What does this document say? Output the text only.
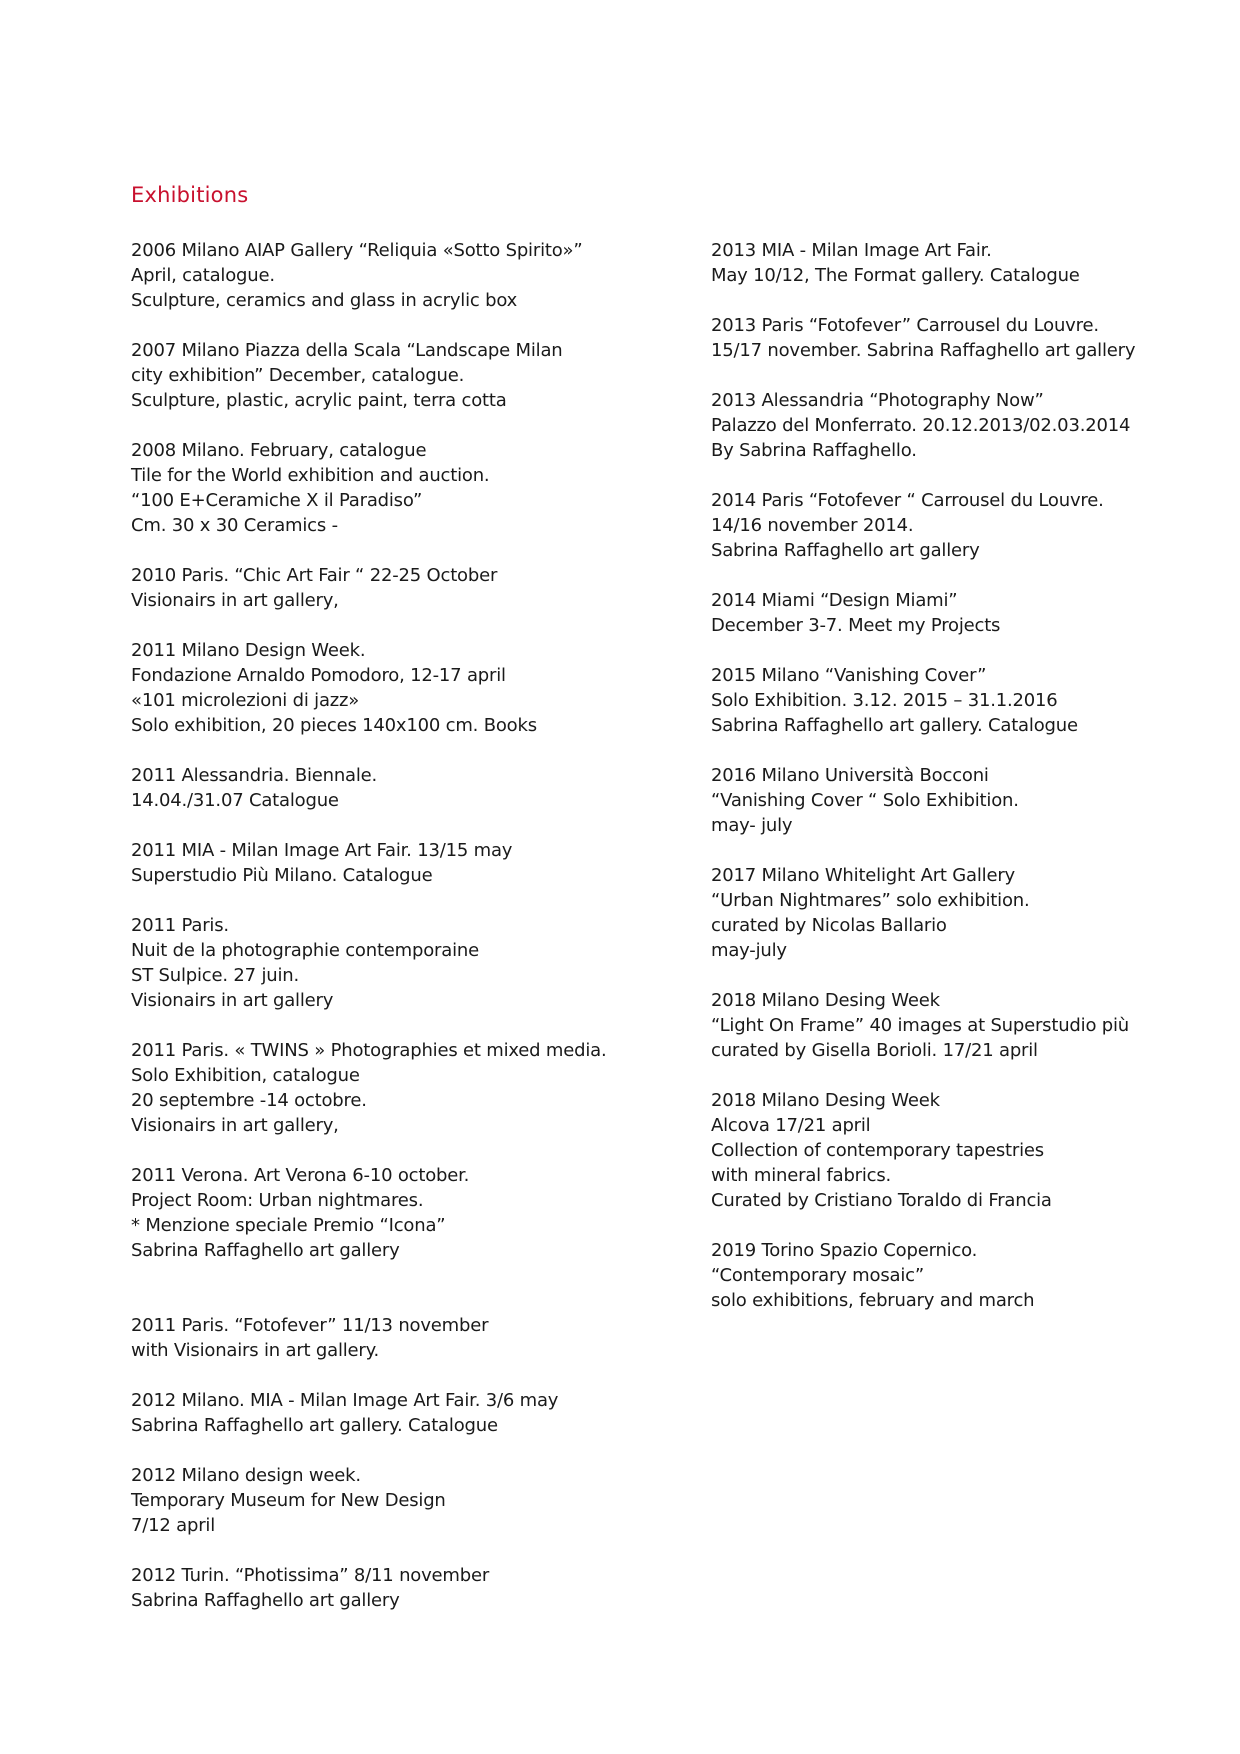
Exhibitions
2006 Milano AIAP Gallery “Reliquia «Sotto Spirito»”
April, catalogue.
Sculpture, ceramics and glass in acrylic box
2007 Milano Piazza della Scala “Landscape Milan
city exhibition” December, catalogue.
Sculpture, plastic, acrylic paint, terra cotta
2008 Milano. February, catalogue
Tile for the World exhibition and auction.
“100 E+Ceramiche X il Paradiso”
Cm. 30 x 30 Ceramics -
2010 Paris. “Chic Art Fair “ 22-25 October
Visionairs in art gallery,
2011 Milano Design Week.
Fondazione Arnaldo Pomodoro, 12-17 april
«101 microlezioni di jazz»
Solo exhibition, 20 pieces 140x100 cm. Books
2011 Alessandria. Biennale.
14.04./31.07 Catalogue
2011 MIA - Milan Image Art Fair. 13/15 may
Superstudio Più Milano. Catalogue
2011 Paris.
Nuit de la photographie contemporaine
ST Sulpice. 27 juin.
Visionairs in art gallery
2011 Paris. « TWINS » Photographies et mixed media.
Solo Exhibition, catalogue
20 septembre -14 octobre.
Visionairs in art gallery,
2011 Verona. Art Verona 6-10 october.
Project Room: Urban nightmares.
* Menzione speciale Premio “Icona”
Sabrina Raffaghello art gallery
2011 Paris. “Fotofever” 11/13 november
with Visionairs in art gallery.
2012 Milano. MIA - Milan Image Art Fair. 3/6 may
Sabrina Raffaghello art gallery. Catalogue
2012 Milano design week.
Temporary Museum for New Design
7/12 april
2012 Turin. “Photissima” 8/11 november
Sabrina Raffaghello art gallery
2013 MIA - Milan Image Art Fair.
May 10/12, The Format gallery. Catalogue
2013 Paris “Fotofever” Carrousel du Louvre.
15/17 november. Sabrina Raffaghello art gallery
2013 Alessandria “Photography Now”
Palazzo del Monferrato. 20.12.2013/02.03.2014
By Sabrina Raffaghello.
2014 Paris “Fotofever “ Carrousel du Louvre.
14/16 november 2014.
Sabrina Raffaghello art gallery
2014 Miami “Design Miami”
December 3-7. Meet my Projects
2015 Milano “Vanishing Cover”
Solo Exhibition. 3.12. 2015 – 31.1.2016
Sabrina Raffaghello art gallery. Catalogue
2016 Milano Università Bocconi
“Vanishing Cover “ Solo Exhibition.
may- july
2017 Milano Whitelight Art Gallery
“Urban Nightmares” solo exhibition.
curated by Nicolas Ballario
may-july
2018 Milano Desing Week
“Light On Frame” 40 images at Superstudio più
curated by Gisella Borioli. 17/21 april
2018 Milano Desing Week
Alcova 17/21 april
Collection of contemporary tapestries
with mineral fabrics.
Curated by Cristiano Toraldo di Francia
2019 Torino Spazio Copernico.
“Contemporary mosaic”
solo exhibitions, february and march
